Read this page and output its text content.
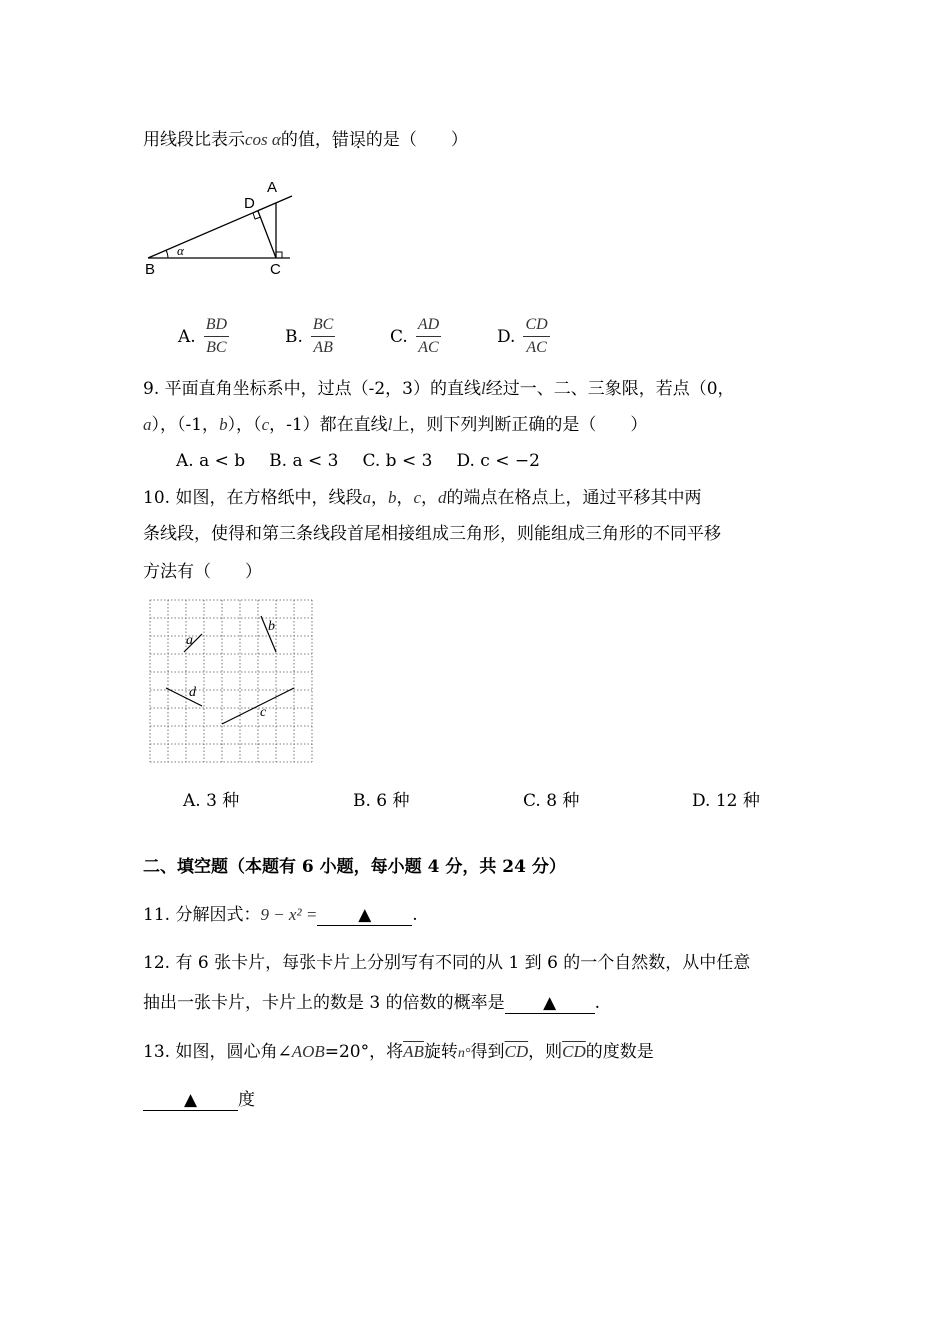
用线段比表示cos α的值，错误 • •的是（　　）
A
D
B	C
α
A. $\frac{BD}{BC}$	B. $\frac{BC}{AB}$	C. $\frac{AD}{AC}$	D. $\frac{CD}{AC}$
9. 平面直角坐标系中，过点（-2，3）的直线l经过一、二、三象限，若点（0，
a），（-1，b），（c，-1）都在直线l上，则下列判断正确的是（　　）
A. a < b B. a < 3 C. b < 3 D. c < −2
10. 如图，在方格纸中，线段a，b，c，d的端点在格点上，通过平移其中两
条线段，使得和第三条线段首尾相接组成三角形，则能组成三角形的不同平移
方法有（　　）
a
b
d
c
A. 3 种	B. 6 种	C. 8 种	D. 12 种
二、填空题（本题有 6 小题，每小题 4 分，共 24 分）
11. 分解因式：9 − x² = ▲ .
12. 有 6 张卡片，每张卡片上分别写有不同的从 1 到 6 的一个自然数，从中任意
抽出一张卡片，卡片上的数是 3 的倍数的概率是 ▲ .
13. 如图，圆心角∠AOB=20°，将$\overline{AB}$旋转n°得到$\overline{CD}$，则$\overline{CD}$的度数是
▲ 度
